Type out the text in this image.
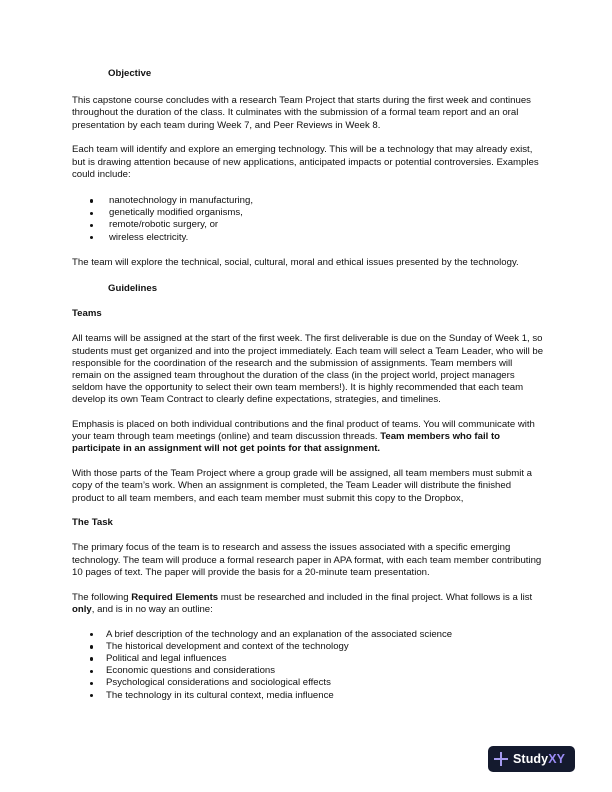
Objective

This capstone course concludes with a research Team Project that starts during the first week and continues throughout the duration of the class. It culminates with the submission of a formal team report and an oral presentation by each team during Week 7, and Peer Reviews in Week 8.

Each team will identify and explore an emerging technology. This will be a technology that may already exist, but is drawing attention because of new applications, anticipated impacts or potential controversies. Examples could include:

nanotechnology in manufacturing,
genetically modified organisms,
remote/robotic surgery, or
wireless electricity.

The team will explore the technical, social, cultural, moral and ethical issues presented by the technology.

Guidelines
Teams

All teams will be assigned at the start of the first week. The first deliverable is due on the Sunday of Week 1, so students must get organized and into the project immediately. Each team will select a Team Leader, who will be responsible for the coordination of the research and the submission of assignments. Team members will remain on the assigned team throughout the duration of the class (in the project world, project managers seldom have the opportunity to select their own team members!). It is highly recommended that each team develop its own Team Contract to clearly define expectations, strategies, and timelines.

Emphasis is placed on both individual contributions and the final product of teams. You will communicate with your team through team meetings (online) and team discussion threads. Team members who fail to participate in an assignment will not get points for that assignment.

With those parts of the Team Project where a group grade will be assigned, all team members must submit a copy of the team’s work. When an assignment is completed, the Team Leader will distribute the finished product to all team members, and each team member must submit this copy to the Dropbox,

The Task

The primary focus of the team is to research and assess the issues associated with a specific emerging technology. The team will produce a formal research paper in APA format, with each team member contributing 10 pages of text. The paper will provide the basis for a 20-minute team presentation.

The following Required Elements must be researched and included in the final project. What follows is a list only, and is in no way an outline:

A brief description of the technology and an explanation of the associated science
The historical development and context of the technology
Political and legal influences
Economic questions and considerations
Psychological considerations and sociological effects
The technology in its cultural context, media influence
StudyXY
